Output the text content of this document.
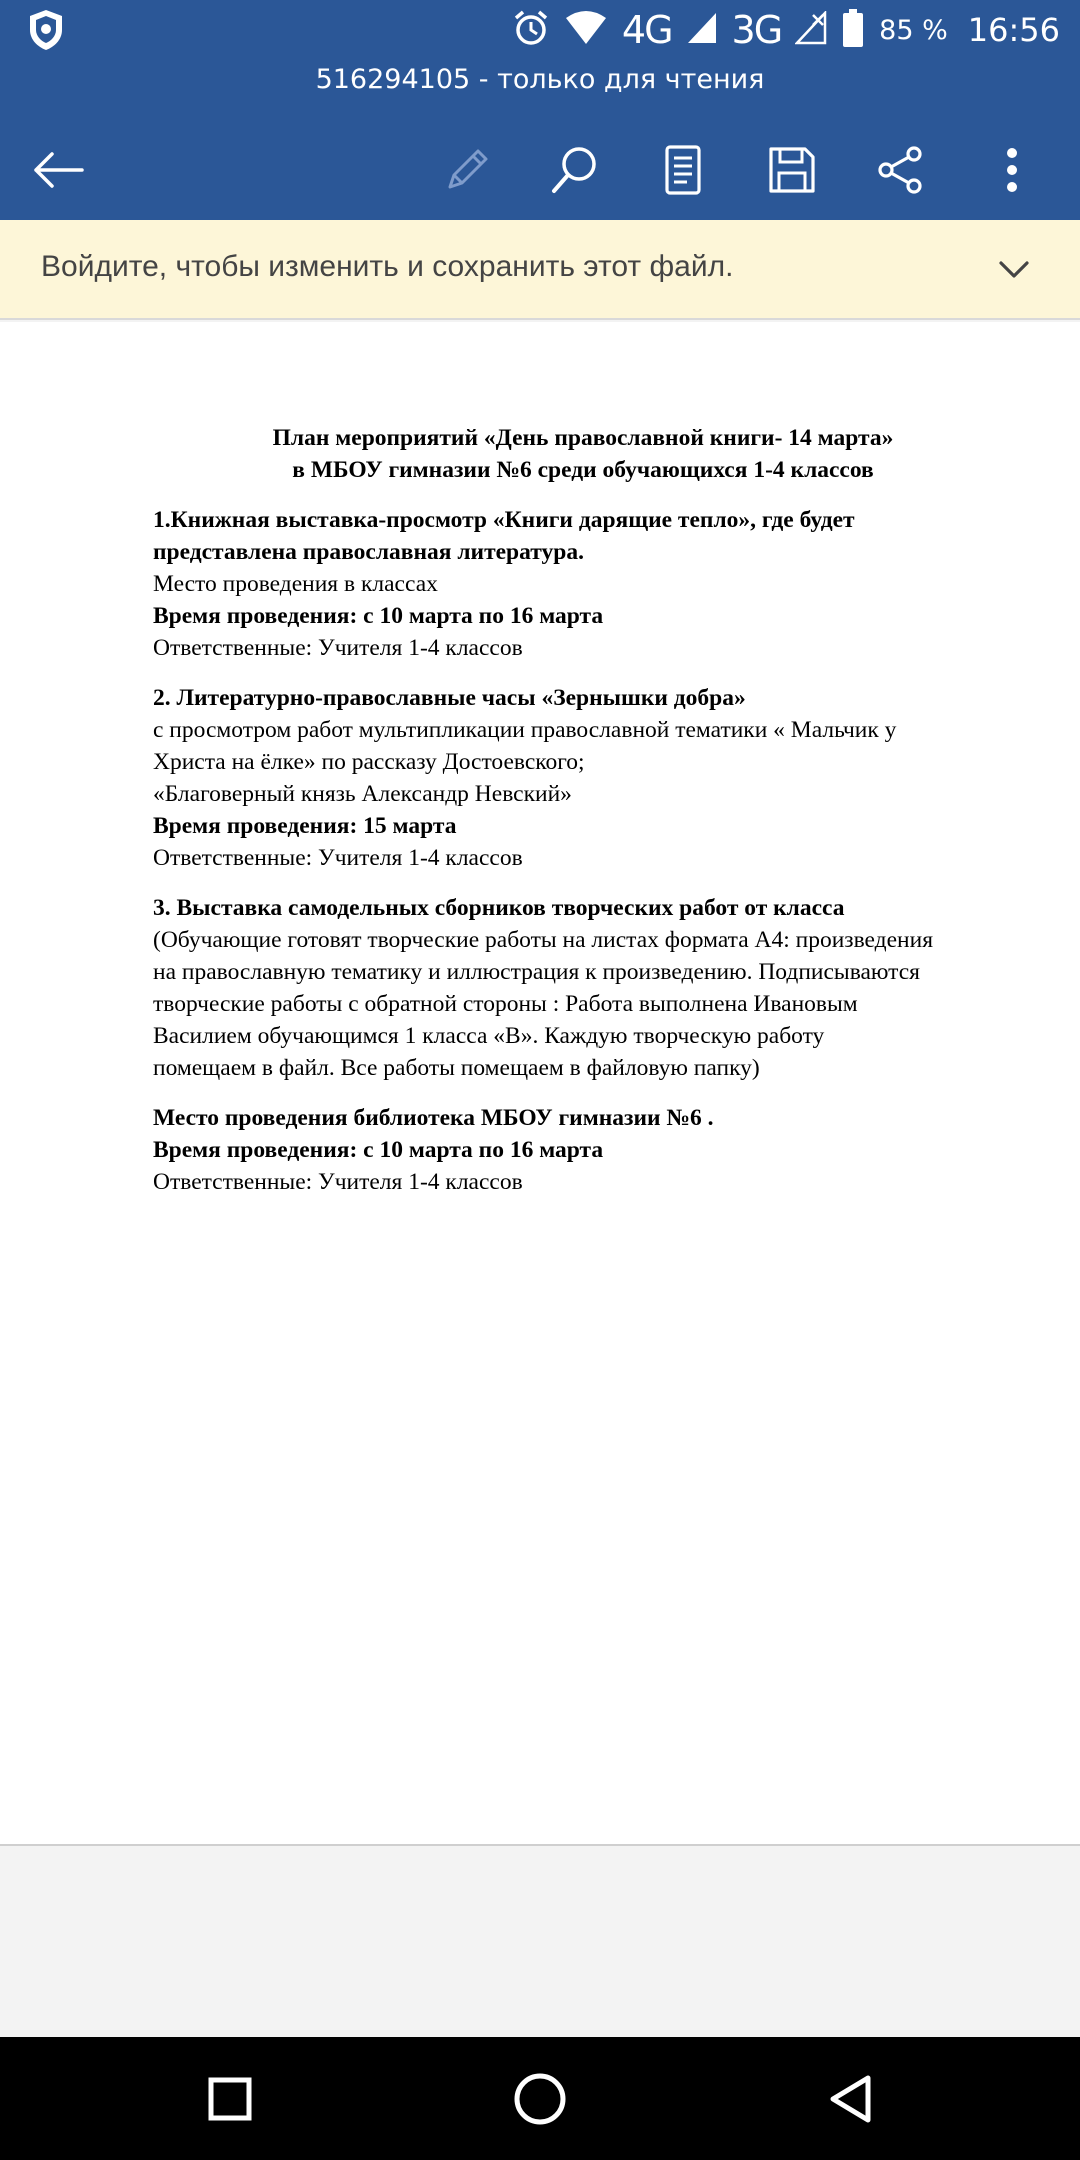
4G 3G	85 % 16:56
516294105 - только для чтения
Войдите, чтобы изменить и сохранить этот файл.

План мероприятий «День православной книги- 14 марта»

в МБОУ гимназии №6 среди обучающихся 1-4 классов

1.Книжная выставка-просмотр «Книги дарящие тепло», где будет

представлена православная литература.

Место проведения в классах

Время проведения: с 10 марта по 16 марта

Ответственные: Учителя 1-4 классов

2. Литературно-православные часы «Зернышки добра»

с просмотром работ мультипликации православной тематики « Мальчик у

Христа на ёлке» по рассказу Достоевского;

«Благоверный князь Александр Невский»

Время проведения: 15 марта

Ответственные: Учителя 1-4 классов

3. Выставка самодельных сборников творческих работ от класса

(Обучающие готовят творческие работы на листах формата А4: произведения

на православную тематику и иллюстрация к произведению. Подписываются

творческие работы с обратной стороны : Работа выполнена Ивановым

Василием обучающимся 1 класса «В». Каждую творческую работу

помещаем в файл. Все работы помещаем в файловую папку)

Место проведения библиотека МБОУ гимназии №6 .

Время проведения: с 10 марта по 16 марта

Ответственные: Учителя 1-4 классов
